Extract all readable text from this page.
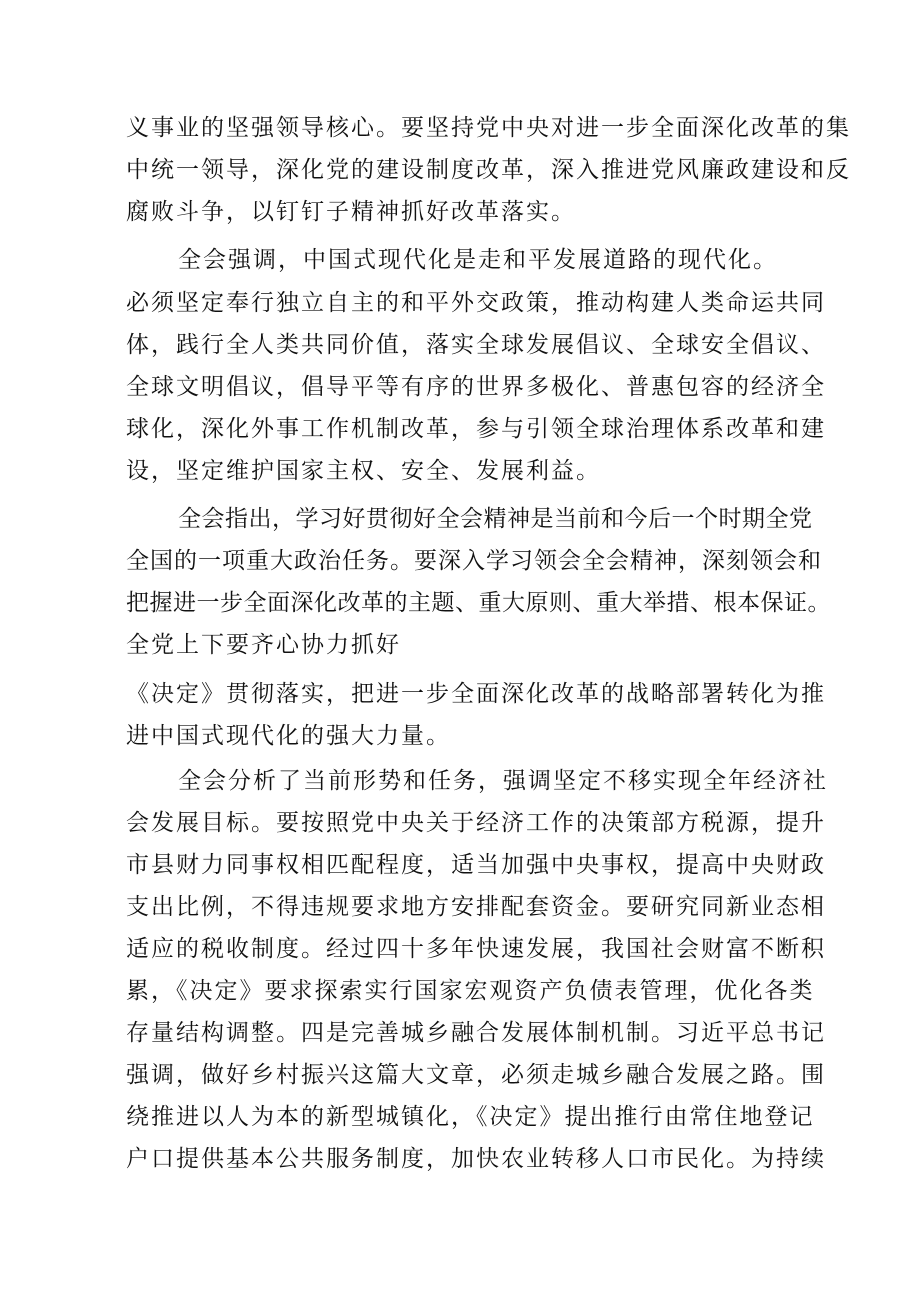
义事业的坚强领导核心。要坚持党中央对进一步全面深化改革的集
中统一领导，深化党的建设制度改革，深入推进党风廉政建设和反
腐败斗争，以钉钉子精神抓好改革落实。
全会强调，中国式现代化是走和平发展道路的现代化。
必须坚定奉行独立自主的和平外交政策，推动构建人类命运共同
体，践行全人类共同价值，落实全球发展倡议、全球安全倡议、
全球文明倡议，倡导平等有序的世界多极化、普惠包容的经济全
球化，深化外事工作机制改革，参与引领全球治理体系改革和建
设，坚定维护国家主权、安全、发展利益。
全会指出，学习好贯彻好全会精神是当前和今后一个时期全党
全国的一项重大政治任务。要深入学习领会全会精神，深刻领会和
把握进一步全面深化改革的主题、重大原则、重大举措、根本保证。
全党上下要齐心协力抓好
《决定》贯彻落实，把进一步全面深化改革的战略部署转化为推
进中国式现代化的强大力量。
全会分析了当前形势和任务，强调坚定不移实现全年经济社
会发展目标。要按照党中央关于经济工作的决策部方税源，提升
市县财力同事权相匹配程度，适当加强中央事权，提高中央财政
支出比例，不得违规要求地方安排配套资金。要研究同新业态相
适应的税收制度。经过四十多年快速发展，我国社会财富不断积
累，《决定》要求探索实行国家宏观资产负债表管理，优化各类
存量结构调整。四是完善城乡融合发展体制机制。习近平总书记
强调，做好乡村振兴这篇大文章，必须走城乡融合发展之路。围
绕推进以人为本的新型城镇化，《决定》提出推行由常住地登记
户口提供基本公共服务制度，加快农业转移人口市民化。为持续
